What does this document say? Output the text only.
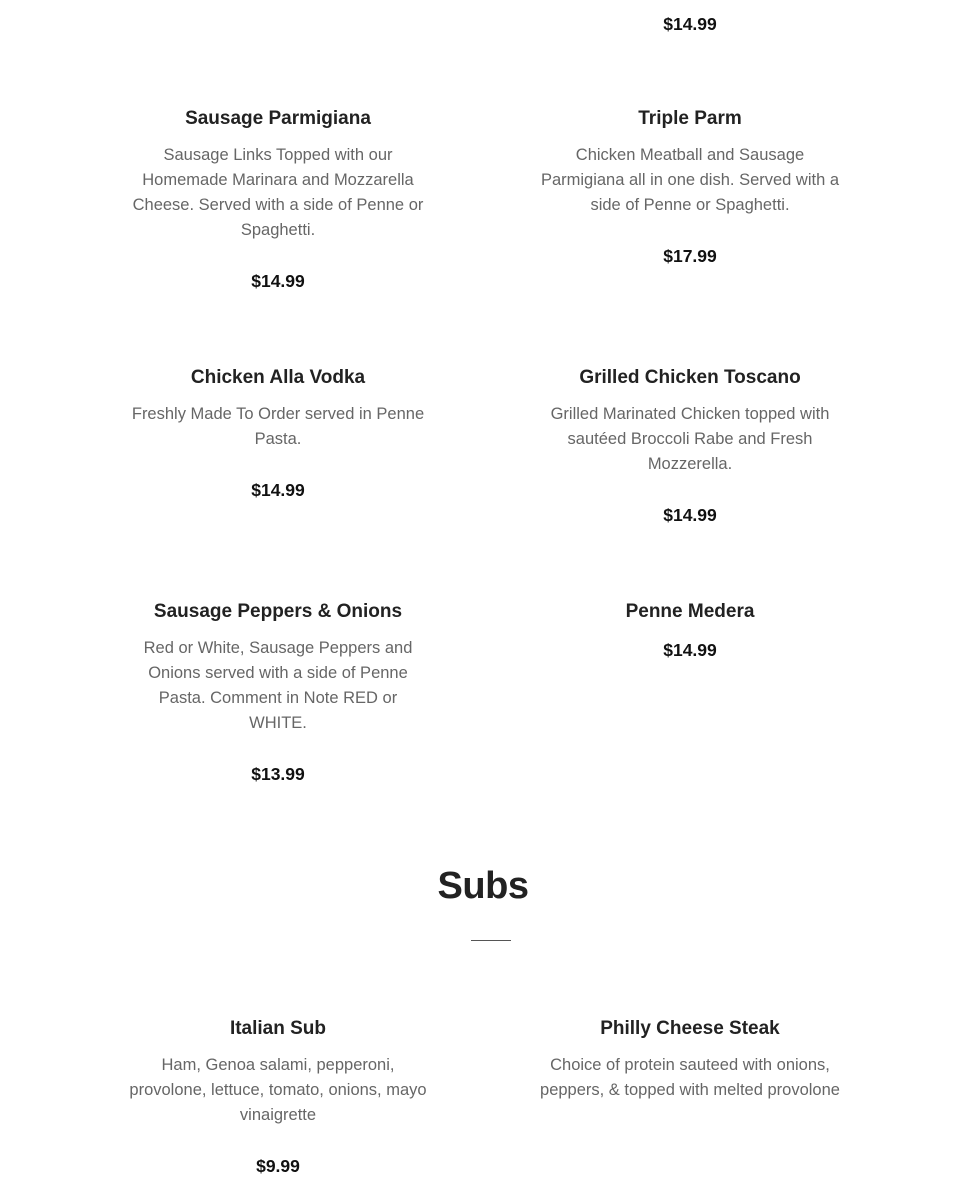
$14.99
Sausage Parmigiana

Sausage Links Topped with our Homemade Marinara and Mozzarella Cheese. Served with a side of Penne or Spaghetti.

$14.99
Triple Parm

Chicken Meatball and Sausage Parmigiana all in one dish. Served with a side of Penne or Spaghetti.

$17.99
Chicken Alla Vodka

Freshly Made To Order served in Penne Pasta.

$14.99
Grilled Chicken Toscano

Grilled Marinated Chicken topped with sautéed Broccoli Rabe and Fresh Mozzerella.

$14.99
Sausage Peppers & Onions

Red or White, Sausage Peppers and Onions served with a side of Penne Pasta. Comment in Note RED or WHITE.

$13.99
Penne Medera
$14.99
Subs
Italian Sub

Ham, Genoa salami, pepperoni, provolone, lettuce, tomato, onions, mayo vinaigrette

$9.99
Philly Cheese Steak

Choice of protein sauteed with onions, peppers, & topped with melted provolone
